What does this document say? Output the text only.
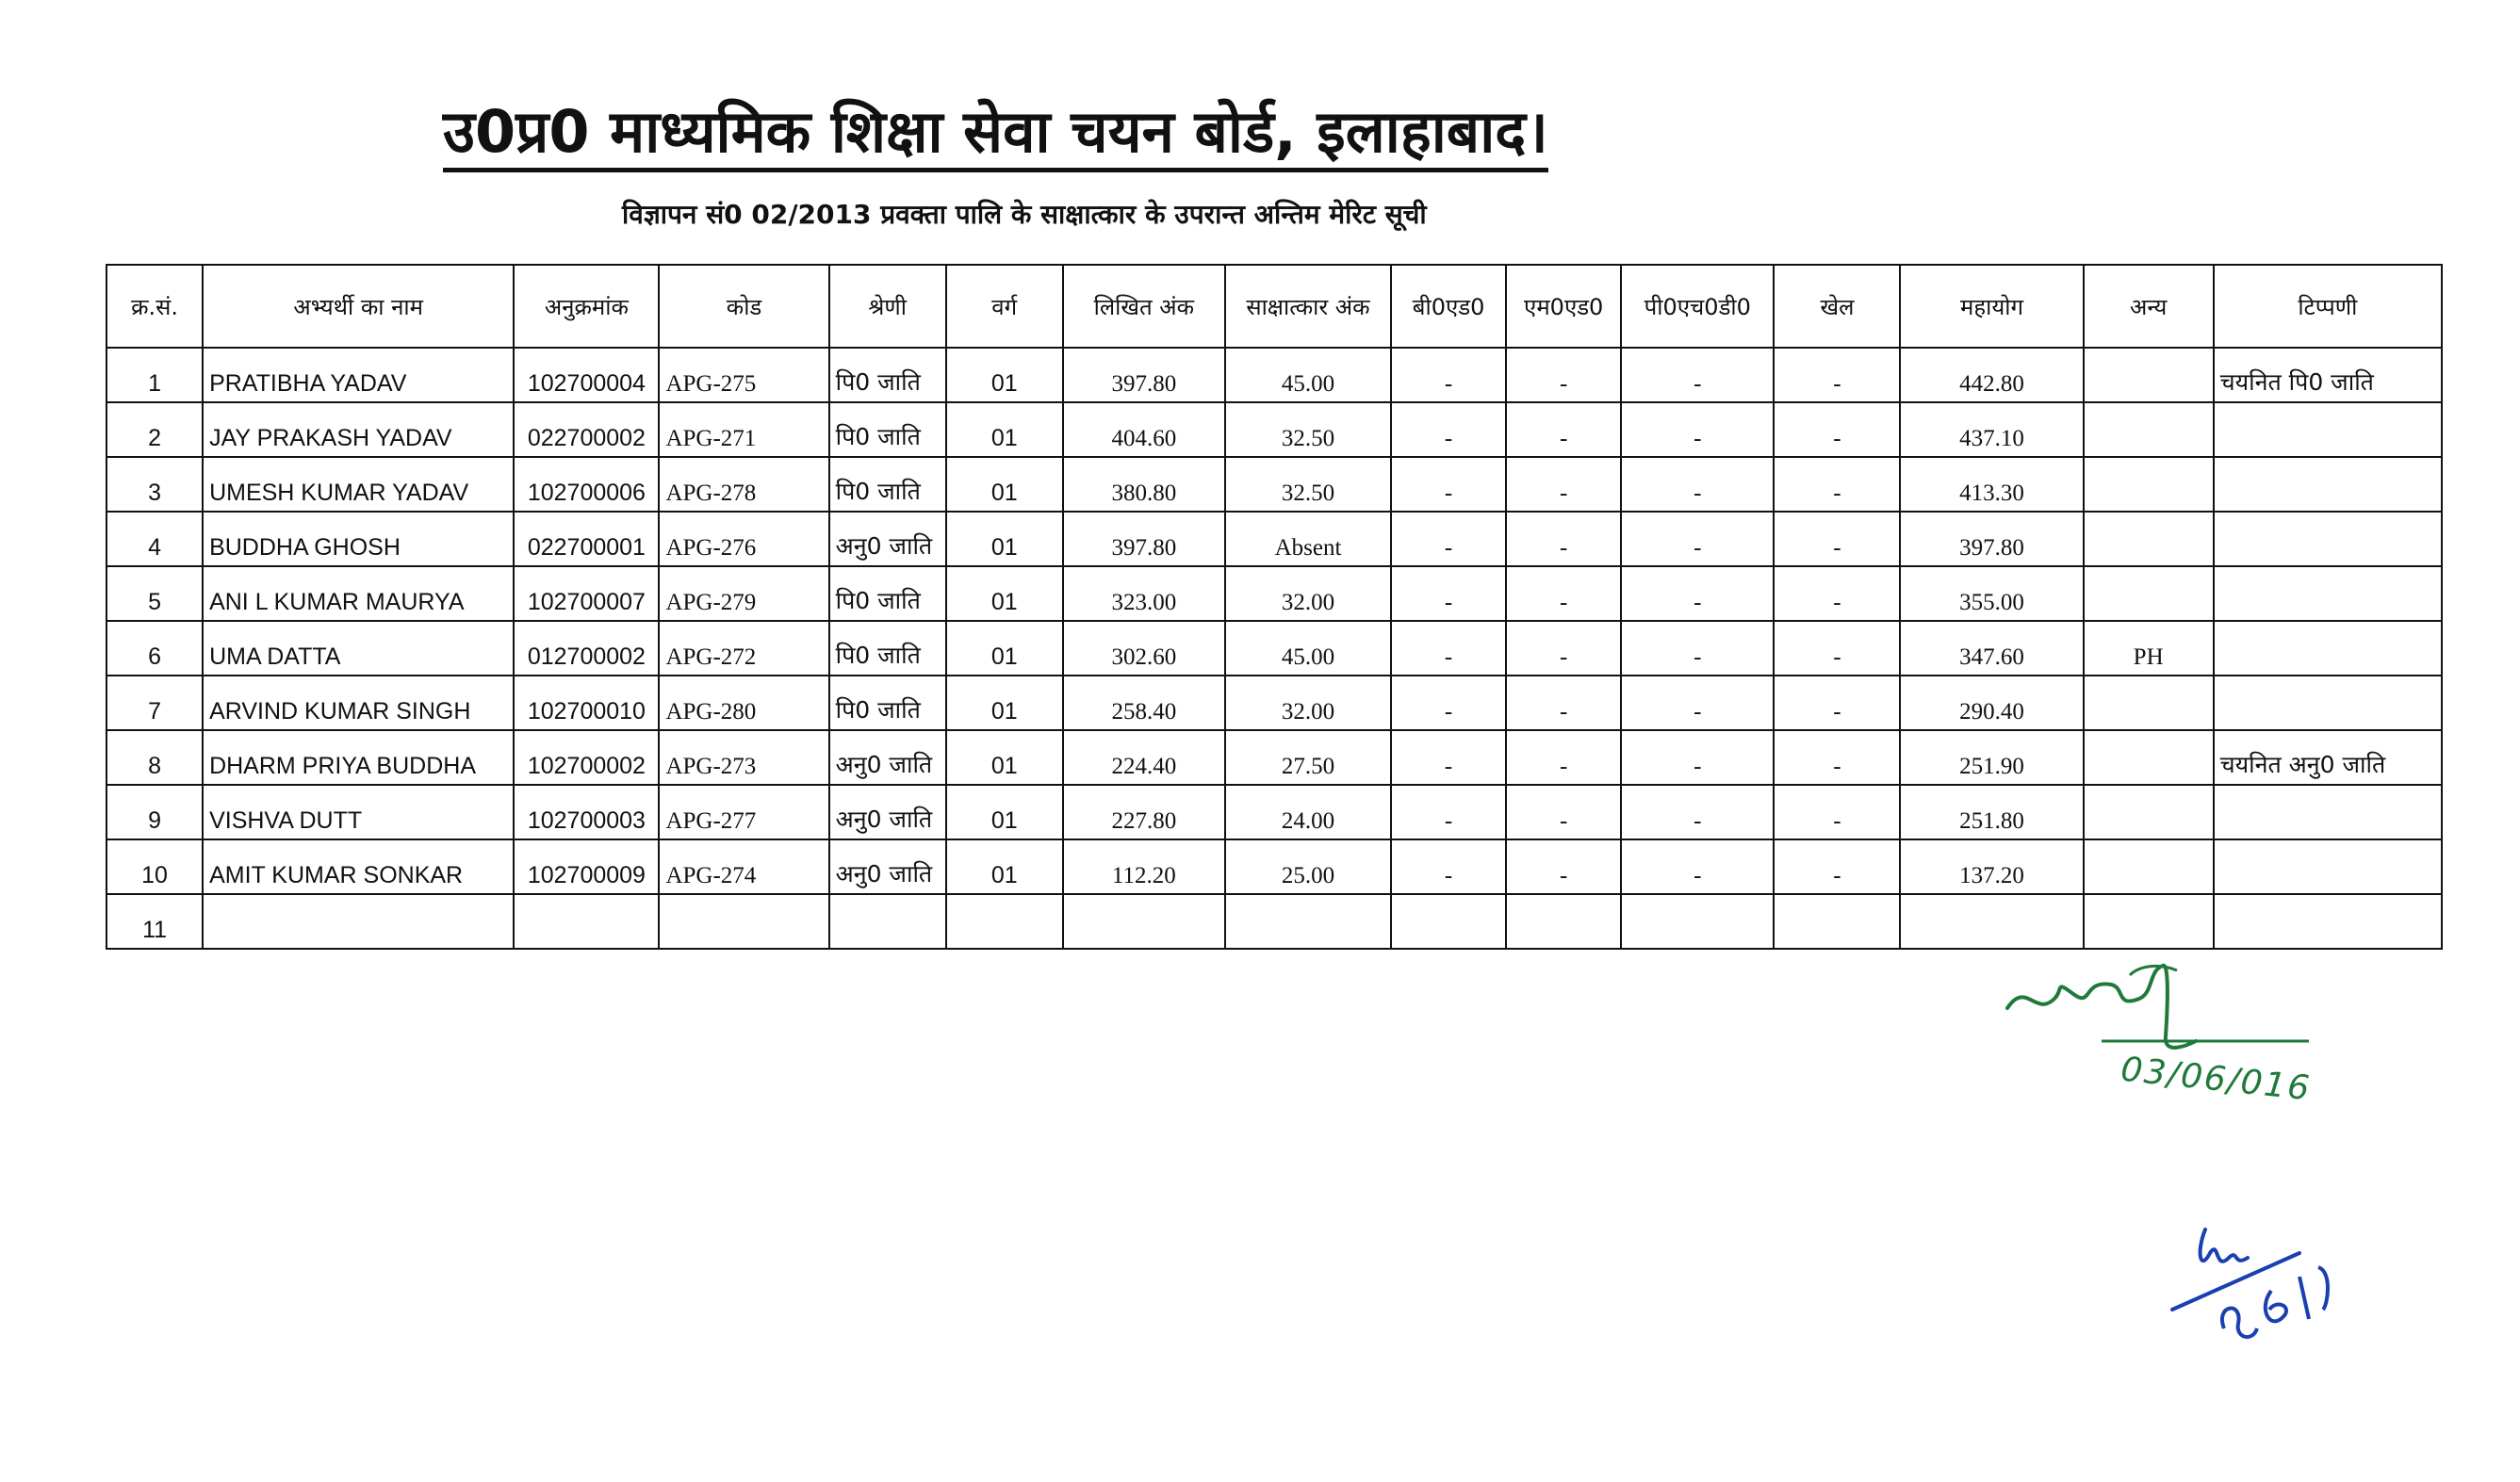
उ0प्र0 माध्यमिक शिक्षा सेवा चयन बोर्ड, इलाहाबाद।
विज्ञापन सं0 02/2013 प्रवक्ता पालि के साक्षात्कार के उपरान्त अन्तिम मेरिट सूची
क्र.सं.	अभ्यर्थी का नाम	अनुक्रमांक	कोड	श्रेणी	वर्ग	लिखित अंक	साक्षात्कार अंक	बी0एड0	एम0एड0	पी0एच0डी0	खेल	महायोग	अन्य	टिप्पणी
1	PRATIBHA YADAV	102700004	APG-275	पि0 जाति	01	397.80	45.00	-	-	-	-	442.80		चयनित पि0 जाति
2	JAY PRAKASH YADAV	022700002	APG-271	पि0 जाति	01	404.60	32.50	-	-	-	-	437.10		
3	UMESH KUMAR YADAV	102700006	APG-278	पि0 जाति	01	380.80	32.50	-	-	-	-	413.30		
4	BUDDHA GHOSH	022700001	APG-276	अनु0 जाति	01	397.80	Absent	-	-	-	-	397.80		
5	ANI L KUMAR MAURYA	102700007	APG-279	पि0 जाति	01	323.00	32.00	-	-	-	-	355.00		
6	UMA DATTA	012700002	APG-272	पि0 जाति	01	302.60	45.00	-	-	-	-	347.60	PH	
7	ARVIND KUMAR SINGH	102700010	APG-280	पि0 जाति	01	258.40	32.00	-	-	-	-	290.40		
8	DHARM PRIYA BUDDHA	102700002	APG-273	अनु0 जाति	01	224.40	27.50	-	-	-	-	251.90		चयनित अनु0 जाति
9	VISHVA DUTT	102700003	APG-277	अनु0 जाति	01	227.80	24.00	-	-	-	-	251.80		
10	AMIT KUMAR SONKAR	102700009	APG-274	अनु0 जाति	01	112.20	25.00	-	-	-	-	137.20		
11														
03/06/016
